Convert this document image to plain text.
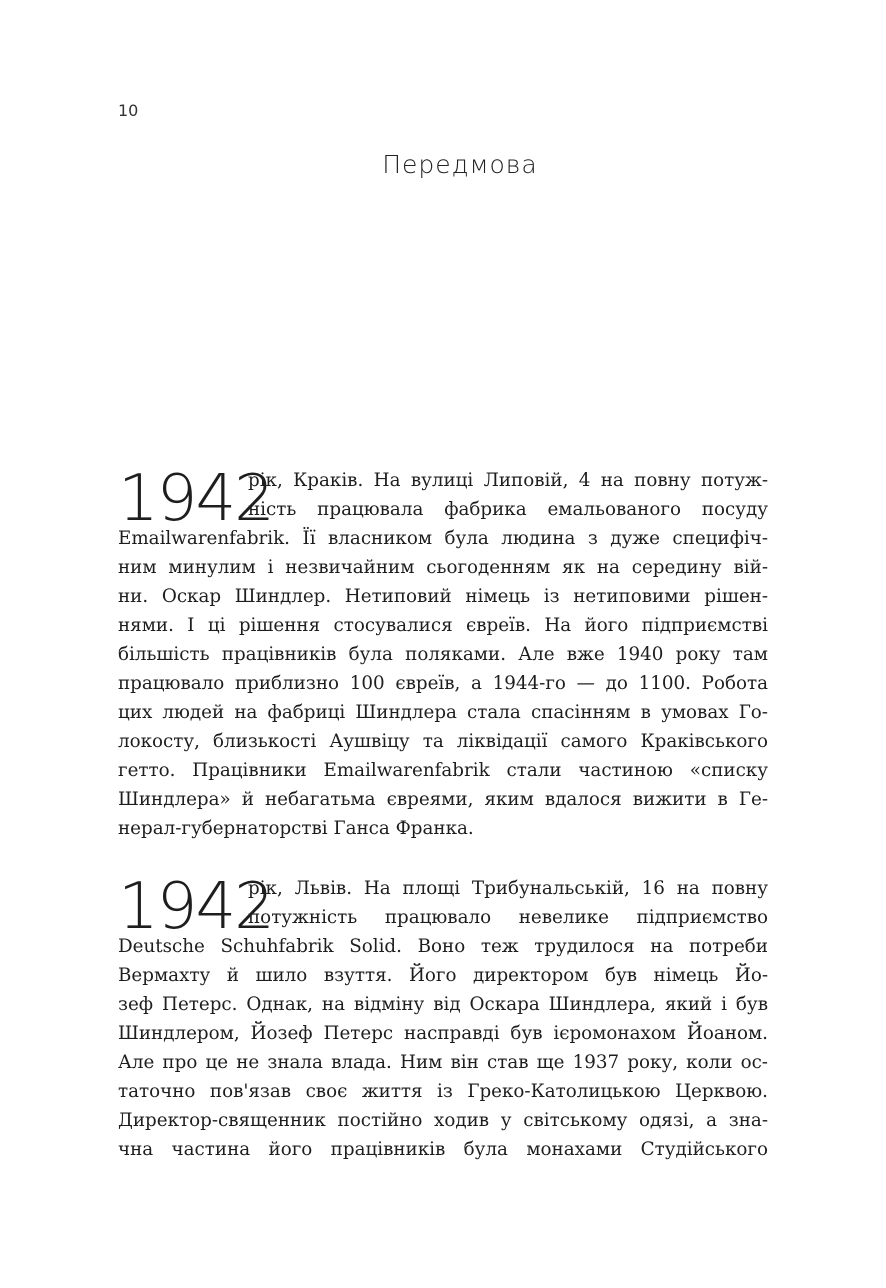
10
Передмова
1942
рік, Краків. На вулиці Липовій, 4 на повну потуж-
ність працювала фабрика емальованого посуду
Emailwarenfabrik. Її власником була людина з дуже специфіч-
ним минулим і незвичайним сьогоденням як на середину вій-
ни. Оскар Шиндлер. Нетиповий німець із нетиповими рішен-
нями. І ці рішення стосувалися євреїв. На його підприємстві
більшість працівників була поляками. Але вже 1940 року там
працювало приблизно 100 євреїв, а 1944-го — до 1100. Робота
цих людей на фабриці Шиндлера стала спасінням в умовах Го-
локосту, близькості Аушвіцу та ліквідації самого Краківського
гетто. Працівники Emailwarenfabrik стали частиною «списку
Шиндлера» й небагатьма євреями, яким вдалося вижити в Ге-
нерал-губернаторстві Ганса Франка.
1942
рік, Львів. На площі Трибунальській, 16 на повну
потужність працювало невелике підприємство
Deutsche Schuhfabrik Solid. Воно теж трудилося на потреби
Вермахту й шило взуття. Його директором був німець Йо-
зеф Петерс. Однак, на відміну від Оскара Шиндлера, який і був
Шиндлером, Йозеф Петерс насправді був ієромонахом Йоаном.
Але про це не знала влада. Ним він став ще 1937 року, коли ос-
таточно пов'язав своє життя із Греко-Католицькою Церквою.
Директор-священник постійно ходив у світському одязі, а зна-
чна частина його працівників була монахами Студійського
